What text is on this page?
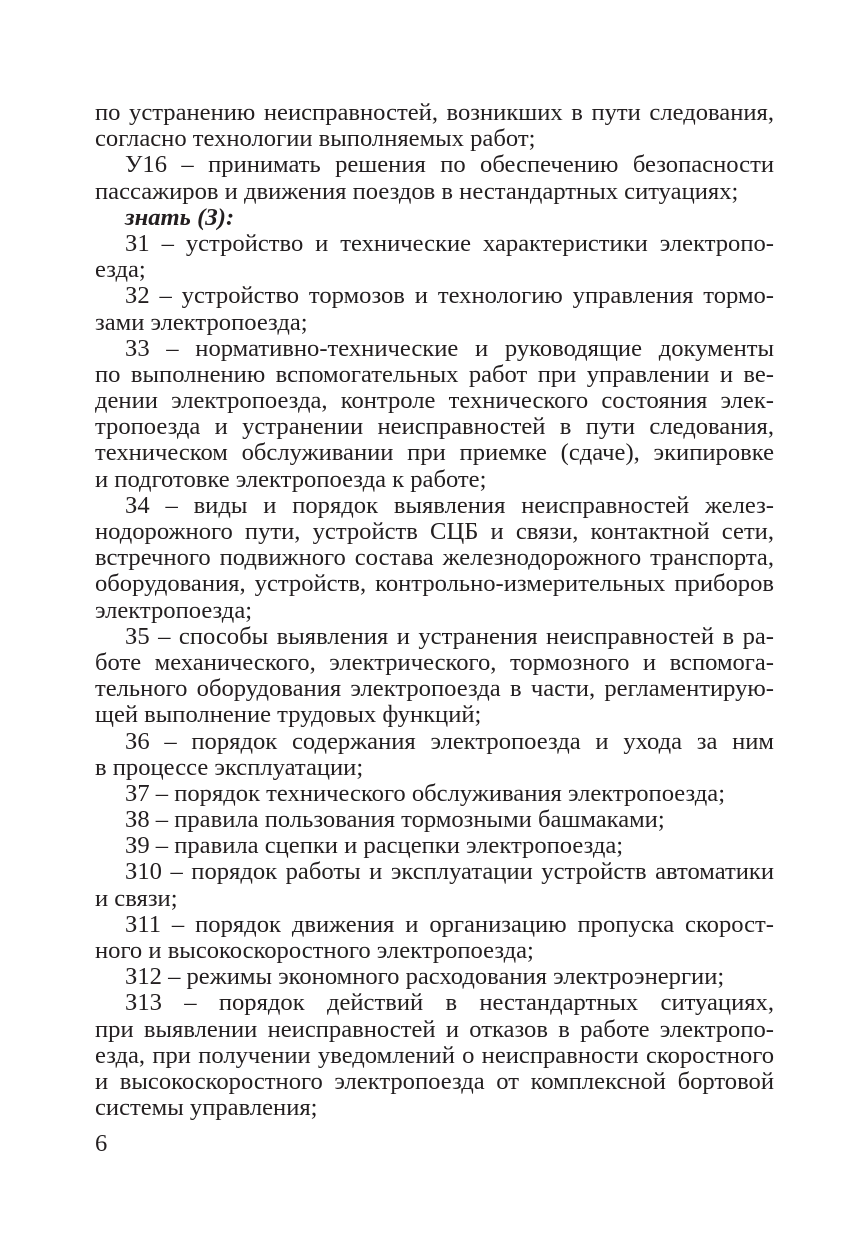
по устранению неисправностей, возникших в пути следования,
согласно технологии выполняемых работ;
У16 – принимать решения по обеспечению безопасности
пассажиров и движения поездов в нестандартных ситуациях;
знать (З):
З1 – устройство и технические характеристики электропо-
езда;
З2 – устройство тормозов и технологию управления тормо-
зами электропоезда;
З3 – нормативно-технические и руководящие документы
по выполнению вспомогательных работ при управлении и ве-
дении электропоезда, контроле технического состояния элек-
тропоезда и устранении неисправностей в пути следования,
техническом обслуживании при приемке (сдаче), экипировке
и подготовке электропоезда к работе;
З4 – виды и порядок выявления неисправностей желез-
нодорожного пути, устройств СЦБ и связи, контактной сети,
встречного подвижного состава железнодорожного транспорта,
оборудования, устройств, контрольно-измерительных приборов
электропоезда;
З5 – способы выявления и устранения неисправностей в ра-
боте механического, электрического, тормозного и вспомога-
тельного оборудования электропоезда в части, регламентирую-
щей выполнение трудовых функций;
З6 – порядок содержания электропоезда и ухода за ним
в процессе эксплуатации;
З7 – порядок технического обслуживания электропоезда;
З8 – правила пользования тормозными башмаками;
З9 – правила сцепки и расцепки электропоезда;
З10 – порядок работы и эксплуатации устройств автоматики
и связи;
З11 – порядок движения и организацию пропуска скорост-
ного и высокоскоростного электропоезда;
З12 – режимы экономного расходования электроэнергии;
З13 – порядок действий в нестандартных ситуациях,
при выявлении неисправностей и отказов в работе электропо-
езда, при получении уведомлений о неисправности скоростного
и высокоскоростного электропоезда от комплексной бортовой
системы управления;
6
